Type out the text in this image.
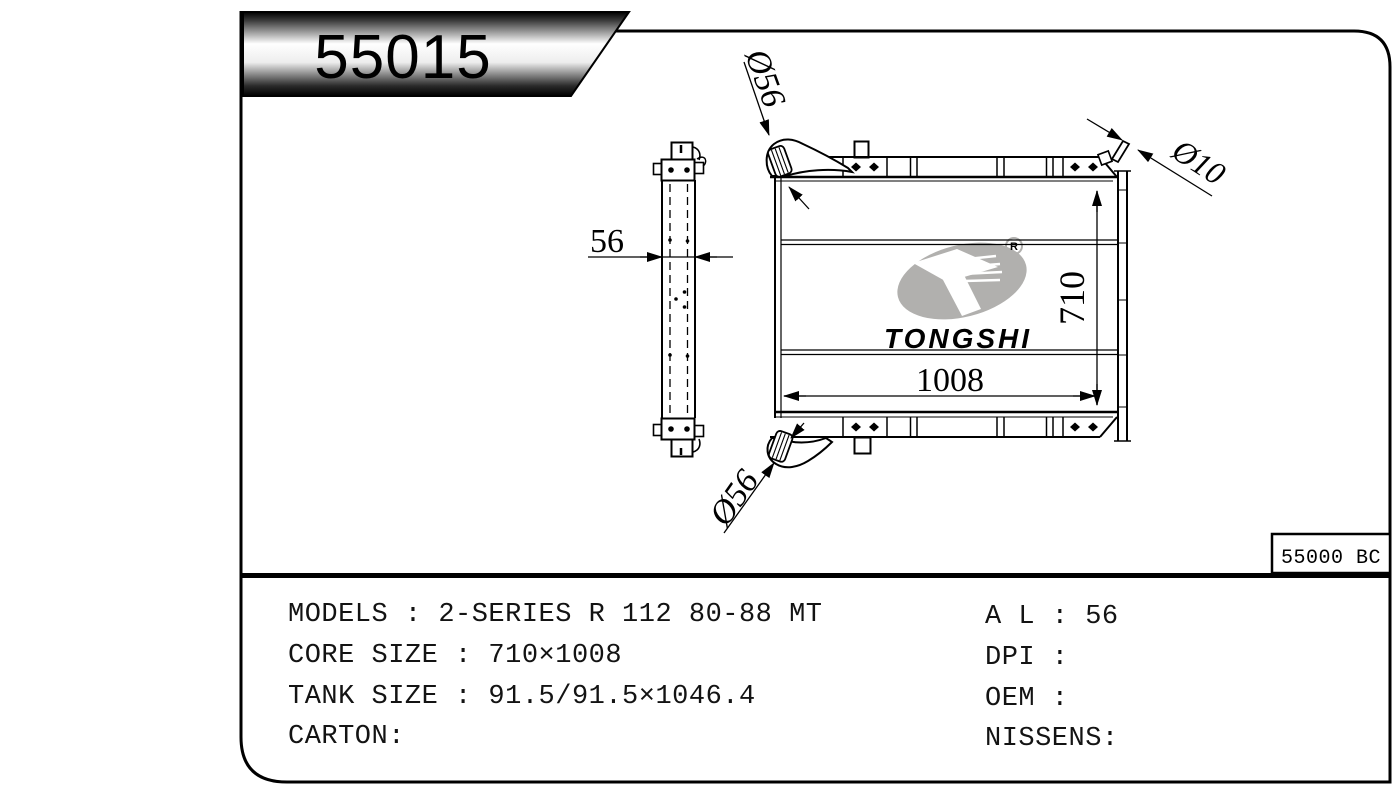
R
TONGSHI
56
710
1008
Ø56
Ø56
Ø10
55000 BC
55015
MODELS : 2-SERIES R 112 80-88 MT	A L : 56
CORE SIZE : 710×1008	DPI :
TANK SIZE : 91.5/91.5×1046.4	OEM :
CARTON:	NISSENS:
